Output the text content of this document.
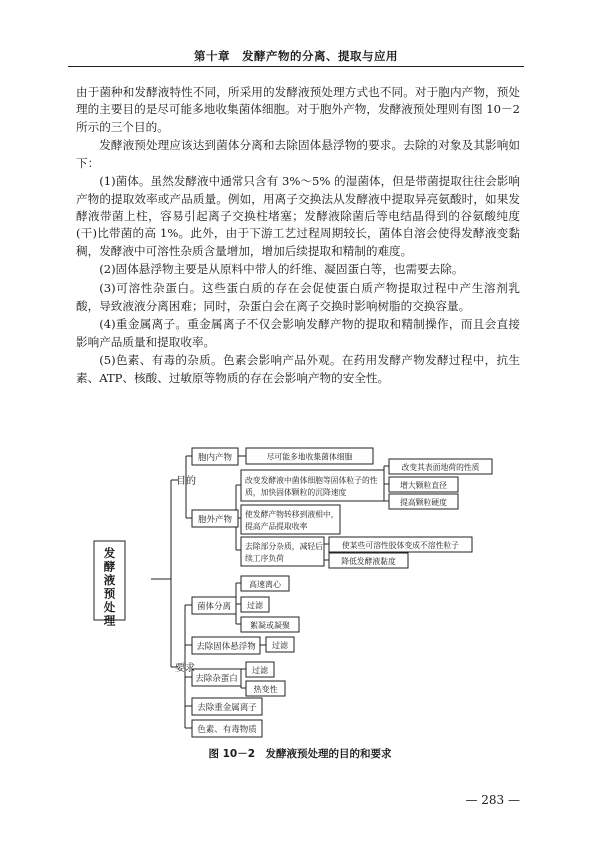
第十章　发酵产物的分离、提取与应用

由于菌种和发酵液特性不同，所采用的发酵液预处理方式也不同。对于胞内产物，预处理的主要目的是尽可能多地收集菌体细胞。对于胞外产物，发酵液预处理则有图 10－2 所示的三个目的。

发酵液预处理应该达到菌体分离和去除固体悬浮物的要求。去除的对象及其影响如下：

(1)菌体。虽然发酵液中通常只含有 3%～5% 的湿菌体，但是带菌提取往往会影响产物的提取效率或产品质量。例如，用离子交换法从发酵液中提取异亮氨酸时，如果发酵液带菌上柱，容易引起离子交换柱堵塞；发酵液除菌后等电结晶得到的谷氨酸纯度(干)比带菌的高 1%。此外，由于下游工艺过程周期较长，菌体自溶会使得发酵液变黏稠，发酵液中可溶性杂质含量增加，增加后续提取和精制的难度。

(2)固体悬浮物主要是从原料中带人的纤维、凝固蛋白等，也需要去除。

(3)可溶性杂蛋白。这些蛋白质的存在会促使蛋白质产物提取过程中产生溶剂乳酸，导致液液分离困难；同时，杂蛋白会在离子交换时影响树脂的交换容量。

(4)重金属离子。重金属离子不仅会影响发酵产物的提取和精制操作，而且会直接影响产品质量和提取收率。

(5)色素、有毒的杂质。色素会影响产品外观。在药用发酵产物发酵过程中，抗生素、ATP、核酸、过敏原等物质的存在会影响产物的安全性。

目的
要求
发酵液预处理
胞内产物	尽可能多地收集菌体细胞
胞外产物
改变发酵液中菌体细胞等固体粒子的性质，加快固体颗粒的沉降速度
改变其表面地荷的性质
增大颗粒直径
提高颗粒硬度
使发酵产物转移到液相中，提高产品提取收率
去除部分杂质，减轻后续工序负荷
使某些可溶性胶体变成不溶性粒子
降低发酵液黏度
菌体分离
高速离心
过滤
絮凝或凝聚
去除固体悬浮物 过滤
去除杂蛋白
过滤
热变性
去除重金属离子
色素、有毒物质
图 10－2　发酵液预处理的目的和要求
— 283 —
